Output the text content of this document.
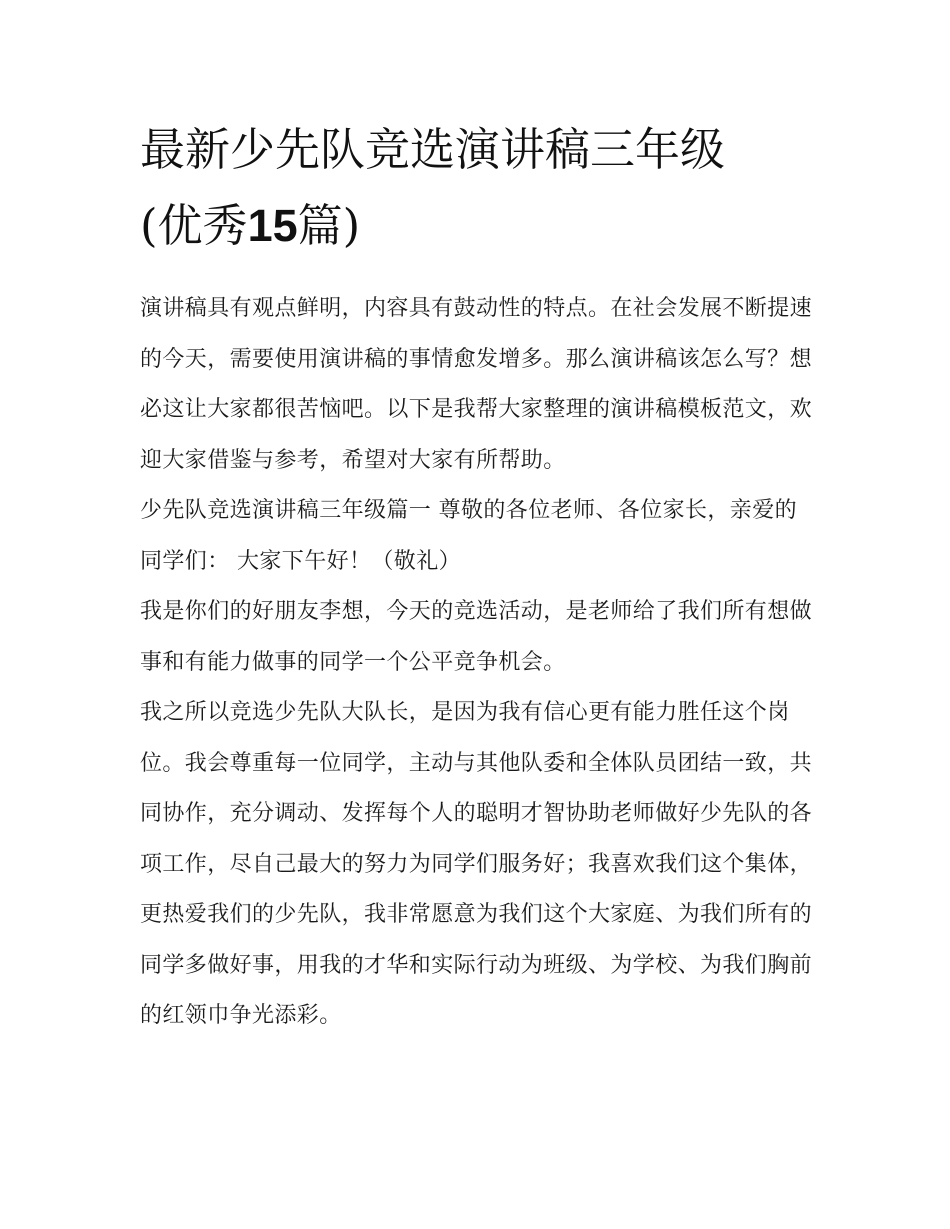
最新少先队竞选演讲稿三年级
(优秀15篇)

演讲稿具有观点鲜明，内容具有鼓动性的特点。在社会发展不断提速的今天，需要使用演讲稿的事情愈发增多。那么演讲稿该怎么写？想必这让大家都很苦恼吧。以下是我帮大家整理的演讲稿模板范文，欢迎大家借鉴与参考，希望对大家有所帮助。

少先队竞选演讲稿三年级篇一 尊敬的各位老师、各位家长，亲爱的同学们： 大家下午好！（敬礼）

我是你们的好朋友李想，今天的竞选活动，是老师给了我们所有想做事和有能力做事的同学一个公平竞争机会。

我之所以竞选少先队大队长，是因为我有信心更有能力胜任这个岗位。我会尊重每一位同学，主动与其他队委和全体队员团结一致，共同协作，充分调动、发挥每个人的聪明才智协助老师做好少先队的各项工作，尽自己最大的努力为同学们服务好；我喜欢我们这个集体，更热爱我们的少先队，我非常愿意为我们这个大家庭、为我们所有的同学多做好事，用我的才华和实际行动为班级、为学校、为我们胸前的红领巾争光添彩。
